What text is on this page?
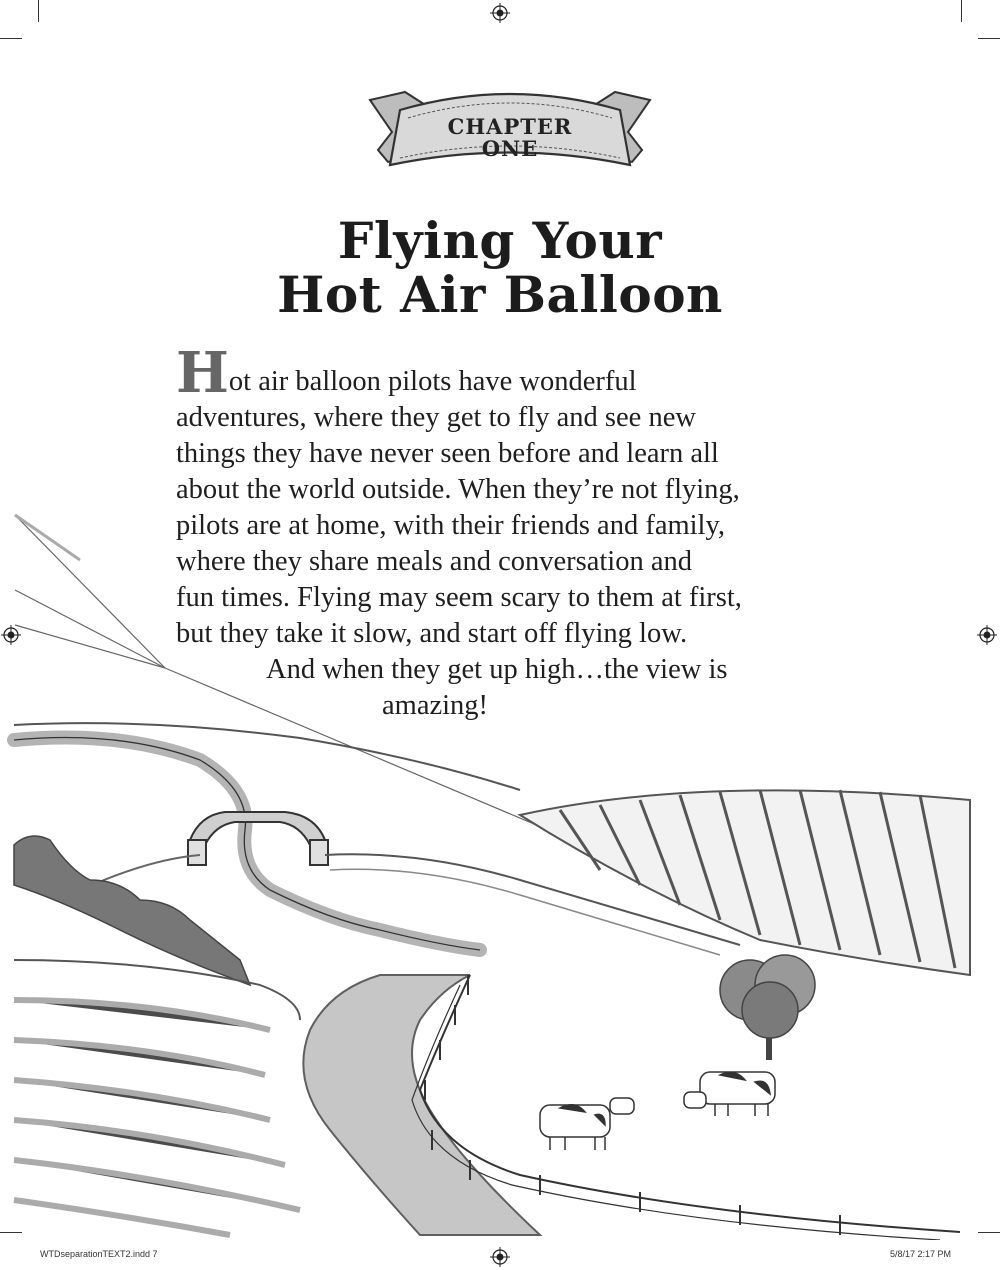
CHAPTER
ONE
Flying Your
Hot Air Balloon
Hot air balloon pilots have wonderful
adventures, where they get to fly and see new
things they have never seen before and learn all
about the world outside. When they’re not flying,
pilots are at home, with their friends and family,
where they share meals and conversation and
fun times. Flying may seem scary to them at first,
but they take it slow, and start off flying low.
And when they get up high…the view is
amazing!
WTDseparationTEXT2.indd 7	5/8/17 2:17 PM
